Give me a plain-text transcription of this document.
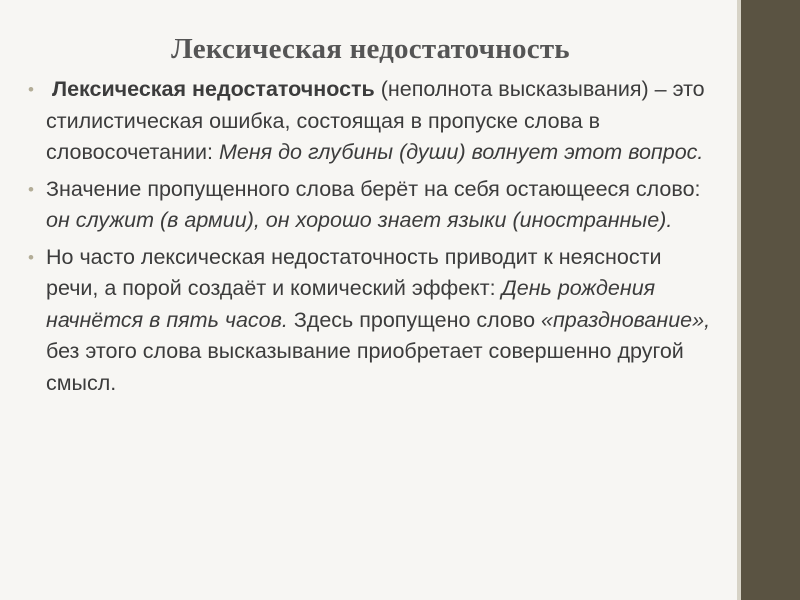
Лексическая недостаточность
• Лексическая недостаточность (неполнота высказывания) – это стилистическая ошибка, состоящая в пропуске слова в словосочетании: Меня до глубины (души) волнует этот вопрос.
• Значение пропущенного слова берёт на себя остающееся слово: он служит (в армии), он хорошо знает языки (иностранные).
• Но часто лексическая недостаточность приводит к неясности речи, а порой создаёт и комический эффект: День рождения начнётся в пять часов. Здесь пропущено слово «празднование», без этого слова высказывание приобретает совершенно другой смысл.
